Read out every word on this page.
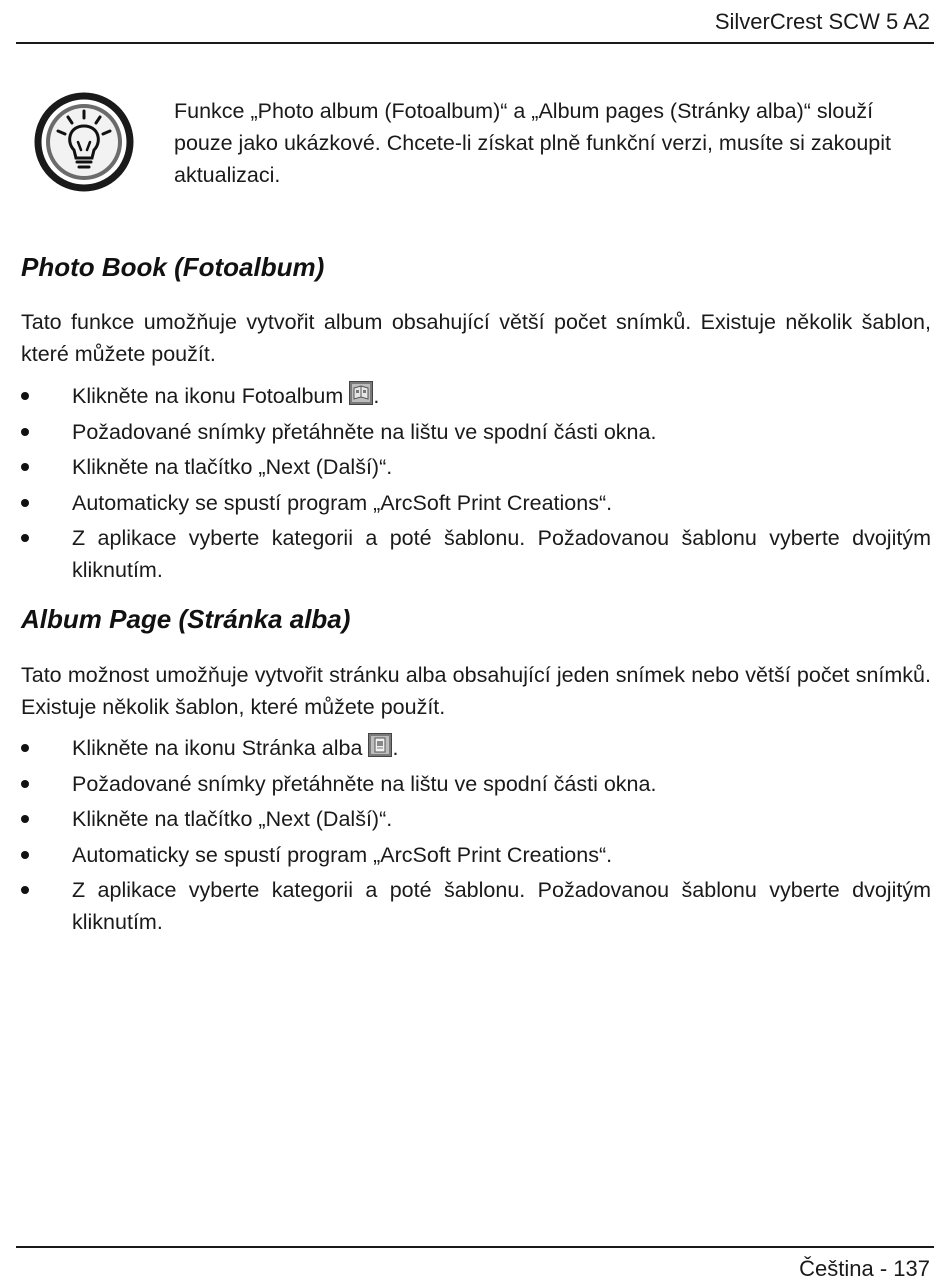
SilverCrest SCW 5 A2
Funkce „Photo album (Fotoalbum)“ a „Album pages (Stránky alba)“ slouží pouze jako ukázkové. Chcete-li získat plně funkční verzi, musíte si zakoupit aktualizaci.
Photo Book (Fotoalbum)

Tato funkce umožňuje vytvořit album obsahující větší počet snímků. Existuje několik šablon, které můžete použít.

Klikněte na ikonu Fotoalbum .
Požadované snímky přetáhněte na lištu ve spodní části okna.
Klikněte na tlačítko „Next (Další)“.
Automaticky se spustí program „ArcSoft Print Creations“.
Z aplikace vyberte kategorii a poté šablonu. Požadovanou šablonu vyberte dvojitým kliknutím.
Album Page (Stránka alba)

Tato možnost umožňuje vytvořit stránku alba obsahující jeden snímek nebo větší počet snímků. Existuje několik šablon, které můžete použít.

Klikněte na ikonu Stránka alba .
Požadované snímky přetáhněte na lištu ve spodní části okna.
Klikněte na tlačítko „Next (Další)“.
Automaticky se spustí program „ArcSoft Print Creations“.
Z aplikace vyberte kategorii a poté šablonu. Požadovanou šablonu vyberte dvojitým kliknutím.
Čeština - 137
